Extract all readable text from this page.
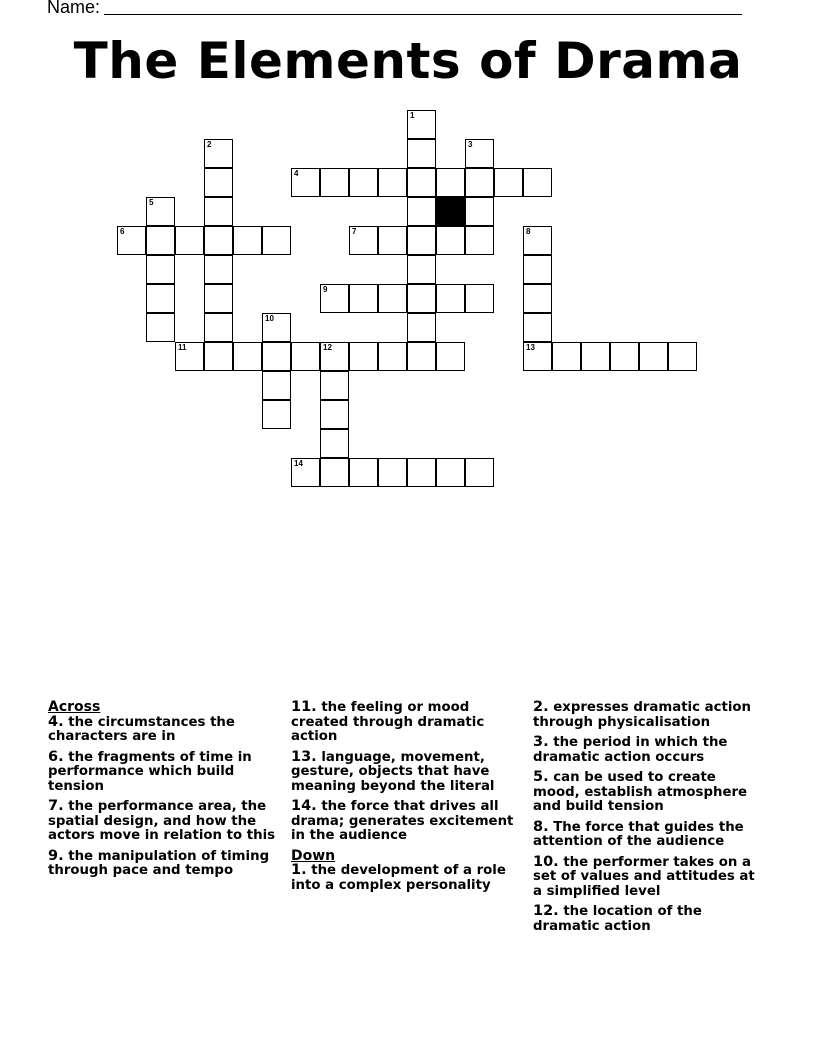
Name:
The Elements of Drama
4
6	7
9
11	12	13
14
1
2	3
5
8
10
Across
4. the circumstances the characters are in
6. the fragments of time in performance which build tension
7. the performance area, the spatial design, and how the actors move in relation to this
9. the manipulation of timing through pace and tempo
11. the feeling or mood created through dramatic action
13. language, movement, gesture, objects that have meaning beyond the literal
14. the force that drives all drama; generates excitement in the audience
Down
1. the development of a role into a complex personality
2. expresses dramatic action through physicalisation
3. the period in which the dramatic action occurs
5. can be used to create mood, establish atmosphere and build tension
8. The force that guides the attention of the audience
10. the performer takes on a set of values and attitudes at a simplified level
12. the location of the dramatic action
